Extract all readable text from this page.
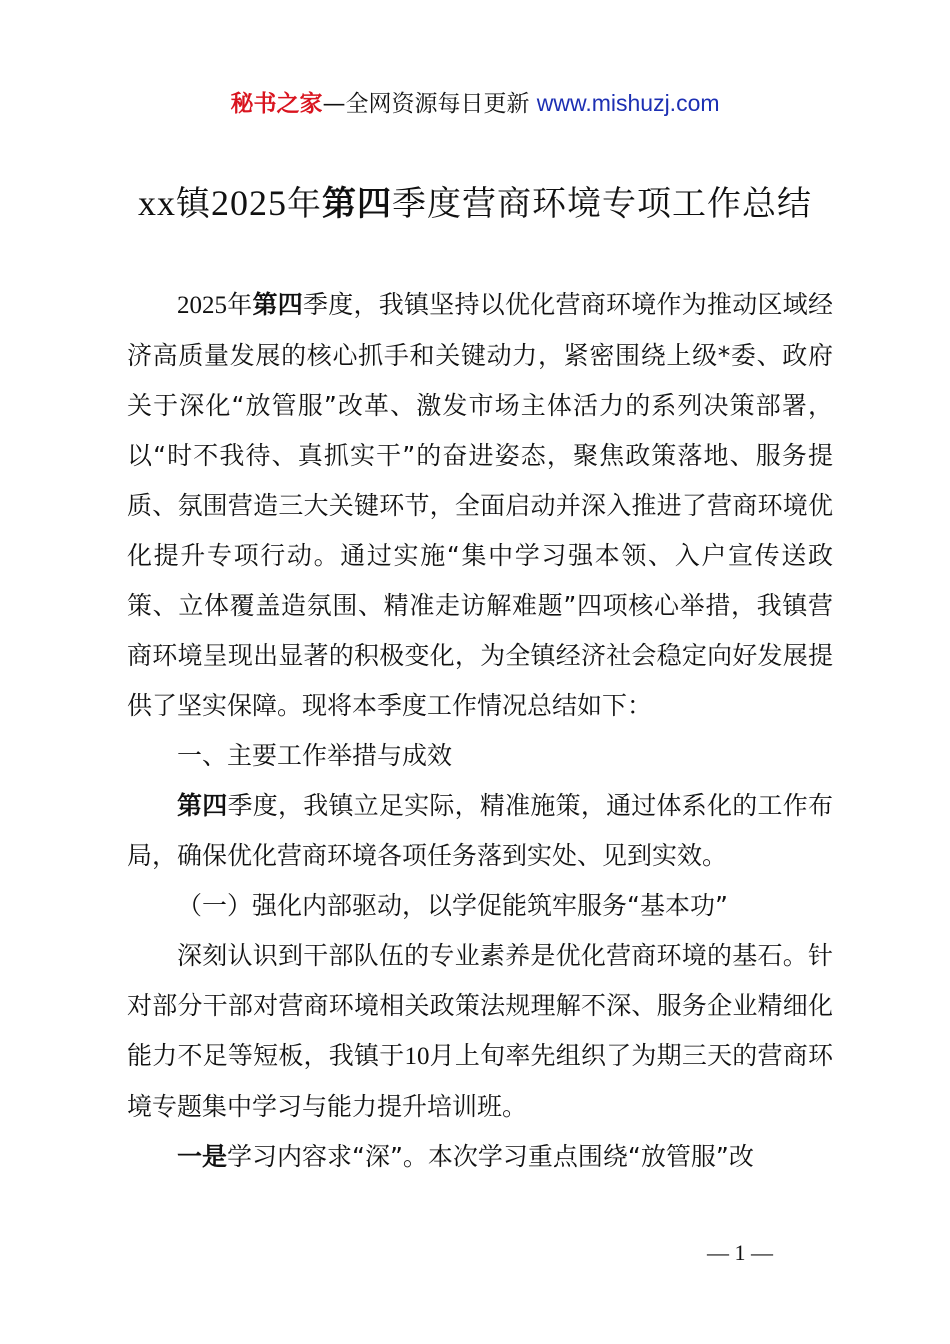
秘书之家—全网资源每日更新 www.mishuzj.com
xx镇2025年第四季度营商环境专项工作总结

2025年第四季度，我镇坚持以优化营商环境作为推动区域经济高质量发展的核心抓手和关键动力，紧密围绕上级*委、政府关于深化“放管服”改革、激发市场主体活力的系列决策部署，以“时不我待、真抓实干”的奋进姿态，聚焦政策落地、服务提质、氛围营造三大关键环节，全面启动并深入推进了营商环境优化提升专项行动。通过实施“集中学习强本领、入户宣传送政策、立体覆盖造氛围、精准走访解难题”四项核心举措，我镇营商环境呈现出显著的积极变化，为全镇经济社会稳定向好发展提供了坚实保障。现将本季度工作情况总结如下：

一、主要工作举措与成效

第四季度，我镇立足实际，精准施策，通过体系化的工作布局，确保优化营商环境各项任务落到实处、见到实效。

（一）强化内部驱动，以学促能筑牢服务“基本功”

深刻认识到干部队伍的专业素养是优化营商环境的基石。针对部分干部对营商环境相关政策法规理解不深、服务企业精细化能力不足等短板，我镇于10月上旬率先组织了为期三天的营商环境专题集中学习与能力提升培训班。

一是学习内容求“深”。本次学习重点围绕“放管服”改

— 1 —
